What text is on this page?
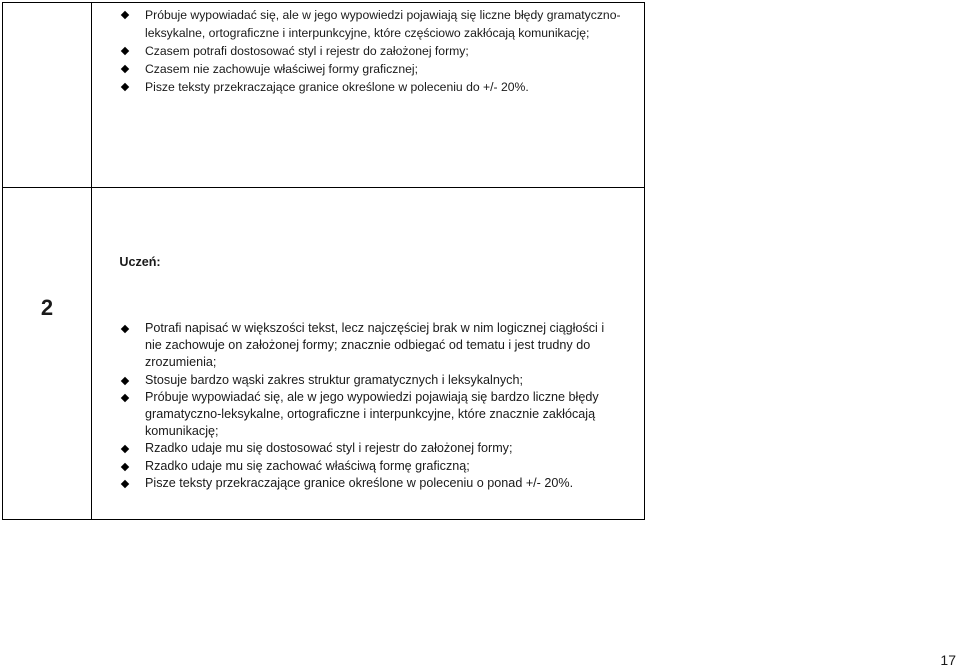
Próbuje wypowiadać się, ale w jego wypowiedzi pojawiają się liczne błędy gramatyczno-leksykalne, ortograficzne i interpunkcyjne, które częściowo zakłócają komunikację;
Czasem potrafi dostosować styl i rejestr do założonej formy;
Czasem nie zachowuje właściwej formy graficznej;
Pisze teksty przekraczające granice określone w poleceniu do +/- 20%.
2
Uczeń:
Potrafi napisać w większości tekst, lecz najczęściej brak w nim logicznej ciągłości i nie zachowuje on założonej formy; znacznie odbiegać od tematu i jest trudny do zrozumienia;
Stosuje bardzo wąski zakres struktur gramatycznych i leksykalnych;
Próbuje wypowiadać się, ale w jego wypowiedzi pojawiają się bardzo liczne błędy gramatyczno-leksykalne, ortograficzne i interpunkcyjne, które znacznie zakłócają komunikację;
Rzadko udaje mu się dostosować styl i rejestr do założonej formy;
Rzadko udaje mu się zachować właściwą formę graficzną;
Pisze teksty przekraczające granice określone w poleceniu o ponad +/- 20%.
17
